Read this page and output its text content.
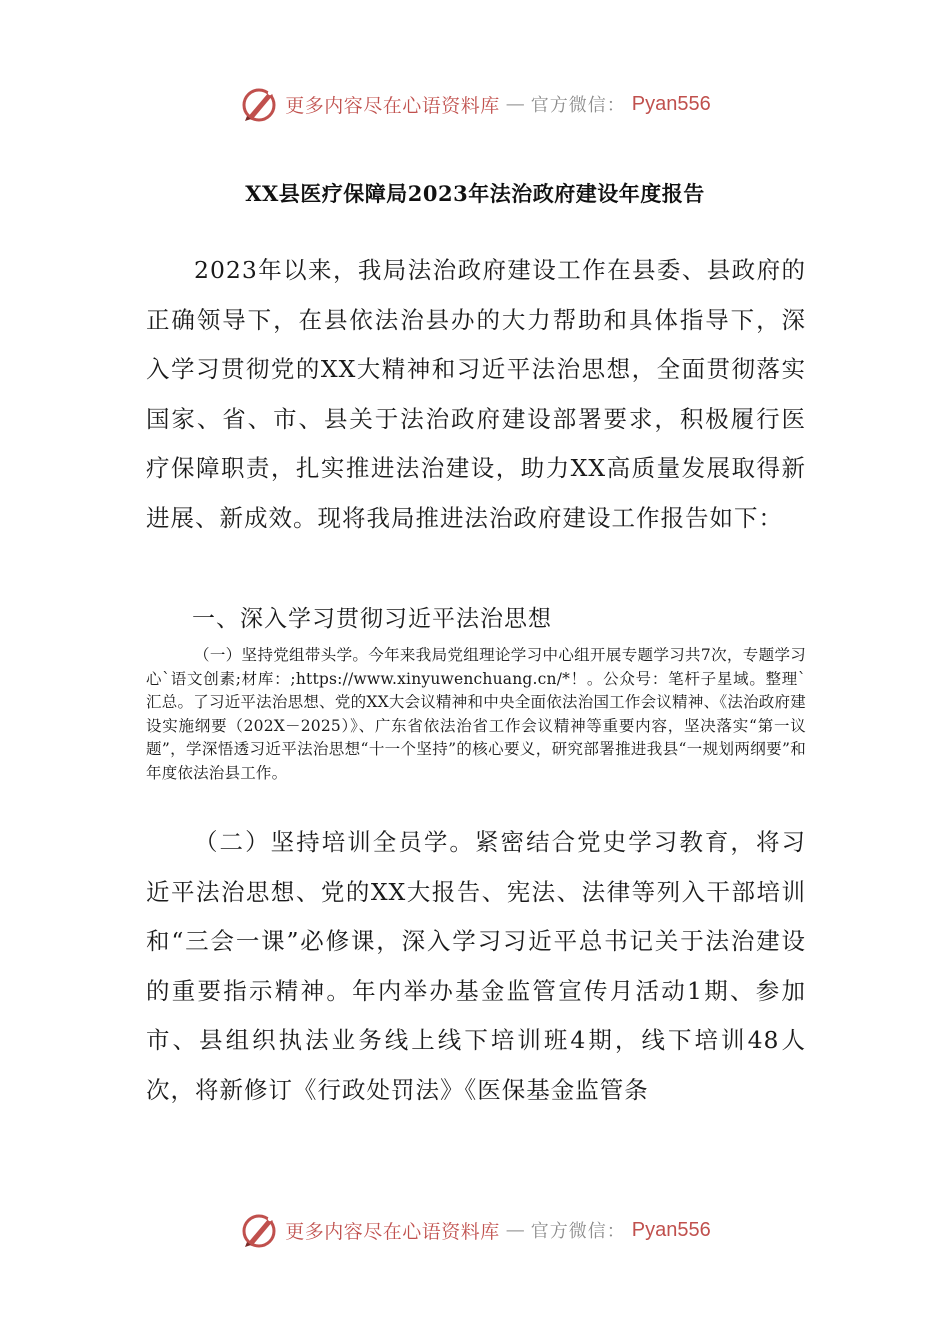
更多内容尽在心语资料库 — 官方微信： Pyan556
XX县医疗保障局2023年法治政府建设年度报告

2023年以来，我局法治政府建设工作在县委、县政府的正确领导下，在县依法治县办的大力帮助和具体指导下，深入学习贯彻党的XX大精神和习近平法治思想，全面贯彻落实国家、省、市、县关于法治政府建设部署要求，积极履行医疗保障职责，扎实推进法治建设，助力XX高质量发展取得新进展、新成效。现将我局推进法治政府建设工作报告如下：

一、深入学习贯彻习近平法治思想

（一）坚持党组带头学。今年来我局党组理论学习中心组开展专题学习共7次，专题学习心`语文创素;材库：;https://www.xinyuwenchuang.cn/*！。公众号：笔杆子星域。整理`汇总。了习近平法治思想、党的XX大会议精神和中央全面依法治国工作会议精神、《法治政府建设实施纲要（202X－2025）》、广东省依法治省工作会议精神等重要内容，坚决落实“第一议题”，学深悟透习近平法治思想“十一个坚持”的核心要义，研究部署推进我县“一规划两纲要”和年度依法治县工作。

（二）坚持培训全员学。紧密结合党史学习教育，将习近平法治思想、党的XX大报告、宪法、法律等列入干部培训和“三会一课”必修课，深入学习习近平总书记关于法治建设的重要指示精神。年内举办基金监管宣传月活动1期、参加市、县组织执法业务线上线下培训班4期，线下培训48人次，将新修订《行政处罚法》《医保基金监管条

更多内容尽在心语资料库 — 官方微信： Pyan556
